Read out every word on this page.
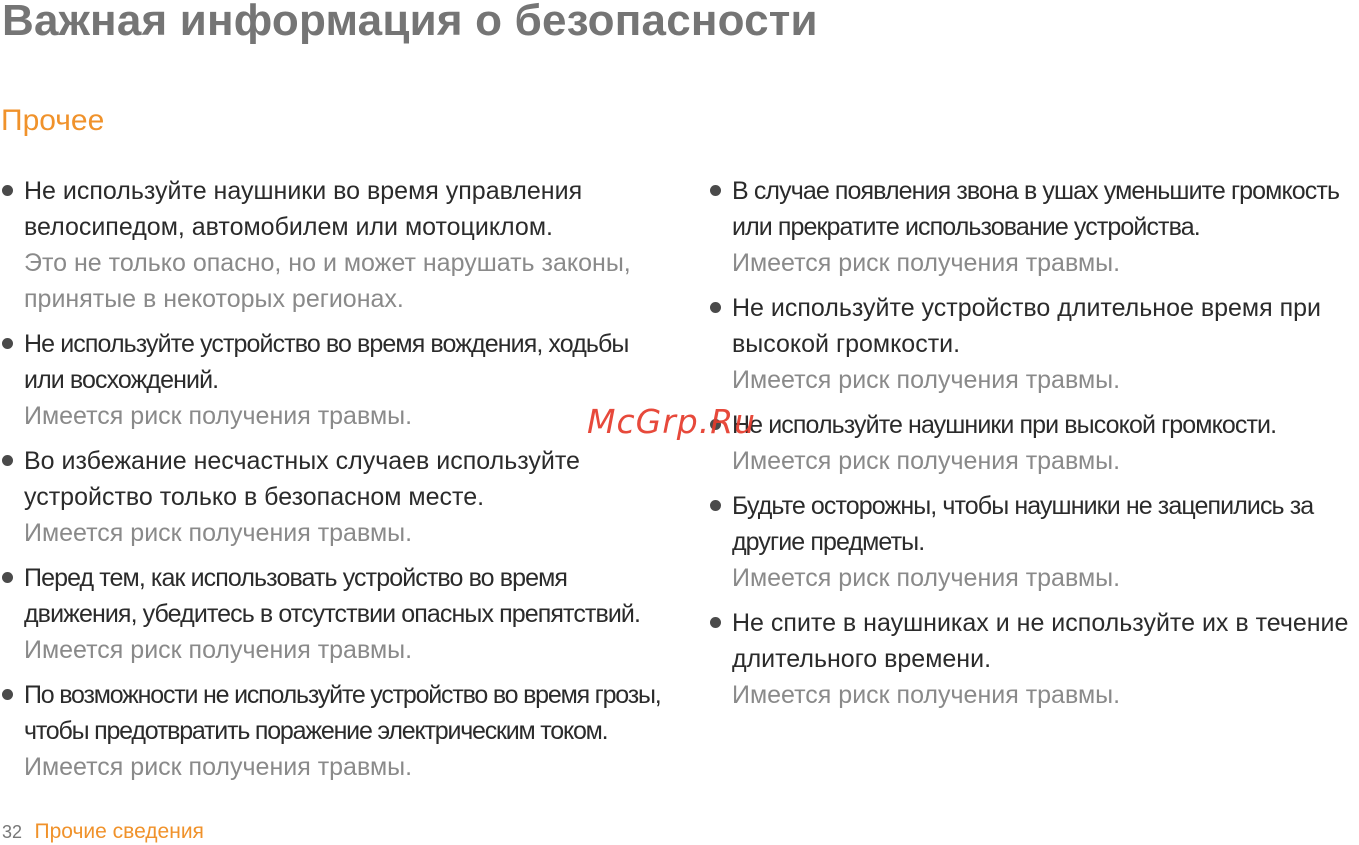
Важная информация о безопасности
Прочее
Не используйте наушники во время управления велосипедом, автомобилем или мотоциклом.
Это не только опасно, но и может нарушать законы, принятые в некоторых регионах.
Не используйте устройство во время вождения, ходьбы или восхождений.
Имеется риск получения травмы.
Во избежание несчастных случаев используйте устройство только в безопасном месте.
Имеется риск получения травмы.
Перед тем, как использовать устройство во время движения, убедитесь в отсутствии опасных препятствий.
Имеется риск получения травмы.
По возможности не используйте устройство во время грозы, чтобы предотвратить поражение электрическим током.
Имеется риск получения травмы.
В случае появления звона в ушах уменьшите громкость или прекратите использование устройства.
Имеется риск получения травмы.
Не используйте устройство длительное время при высокой громкости.
Имеется риск получения травмы.
Не используйте наушники при высокой громкости.
Имеется риск получения травмы.
Будьте осторожны, чтобы наушники не зацепились за другие предметы.
Имеется риск получения травмы.
Не спите в наушниках и не используйте их в течение длительного времени.
Имеется риск получения травмы.
32 Прочие сведения
McGrp.Ru
